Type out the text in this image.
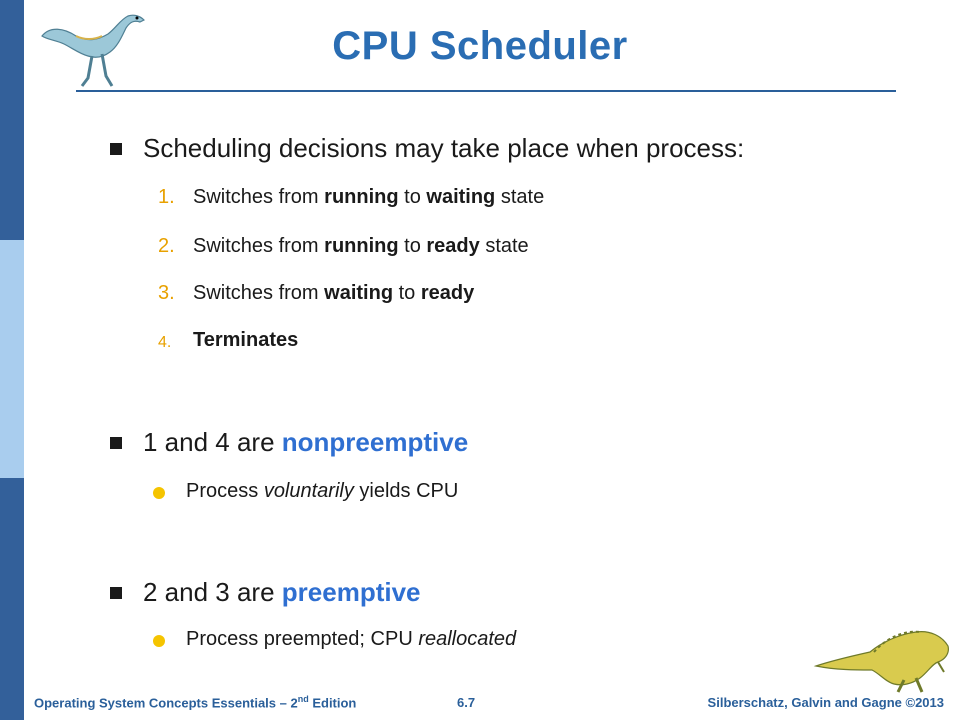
CPU Scheduler
Scheduling decisions may take place when process:
1. Switches from running to waiting state
2. Switches from running to ready state
3. Switches from waiting to ready
4. Terminates
1 and 4 are nonpreemptive
Process voluntarily yields CPU
2 and 3 are preemptive
Process preempted; CPU reallocated
Operating System Concepts Essentials – 2nd Edition	6.7	Silberschatz, Galvin and Gagne ©2013
